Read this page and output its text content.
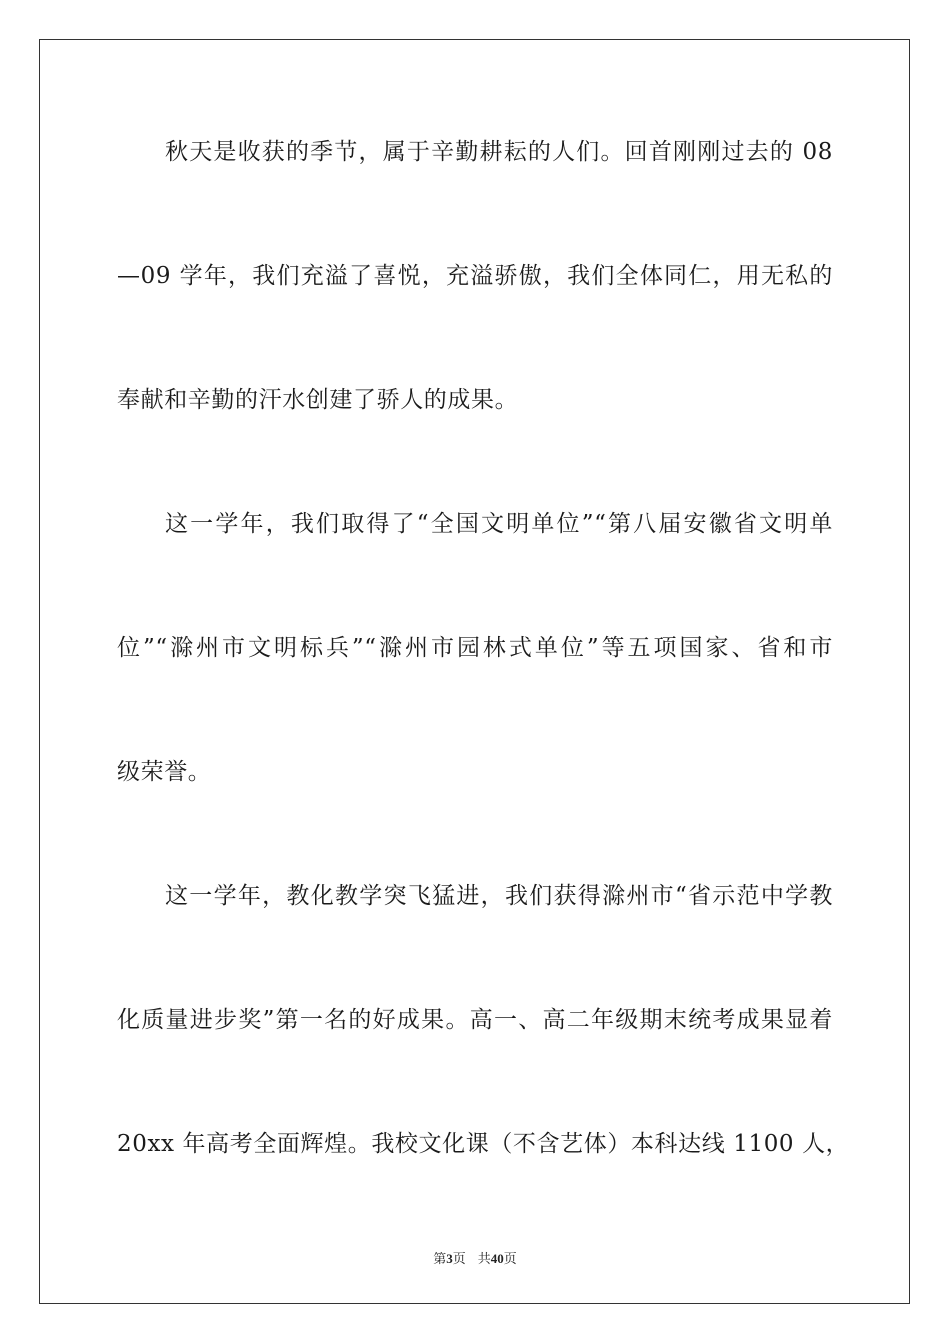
秋天是收获的季节，属于辛勤耕耘的人们。回首刚刚过去的 08
—09 学年，我们充溢了喜悦，充溢骄傲，我们全体同仁，用无私的
奉献和辛勤的汗水创建了骄人的成果。
这一学年，我们取得了“全国文明单位”“第八届安徽省文明单
位”“滁州市文明标兵”“滁州市园林式单位”等五项国家、省和市
级荣誉。
这一学年，教化教学突飞猛进，我们获得滁州市“省示范中学教
化质量进步奖”第一名的好成果。高一、高二年级期末统考成果显着
20xx 年高考全面辉煌。我校文化课（不含艺体）本科达线 1100 人，
第3页 共40页
